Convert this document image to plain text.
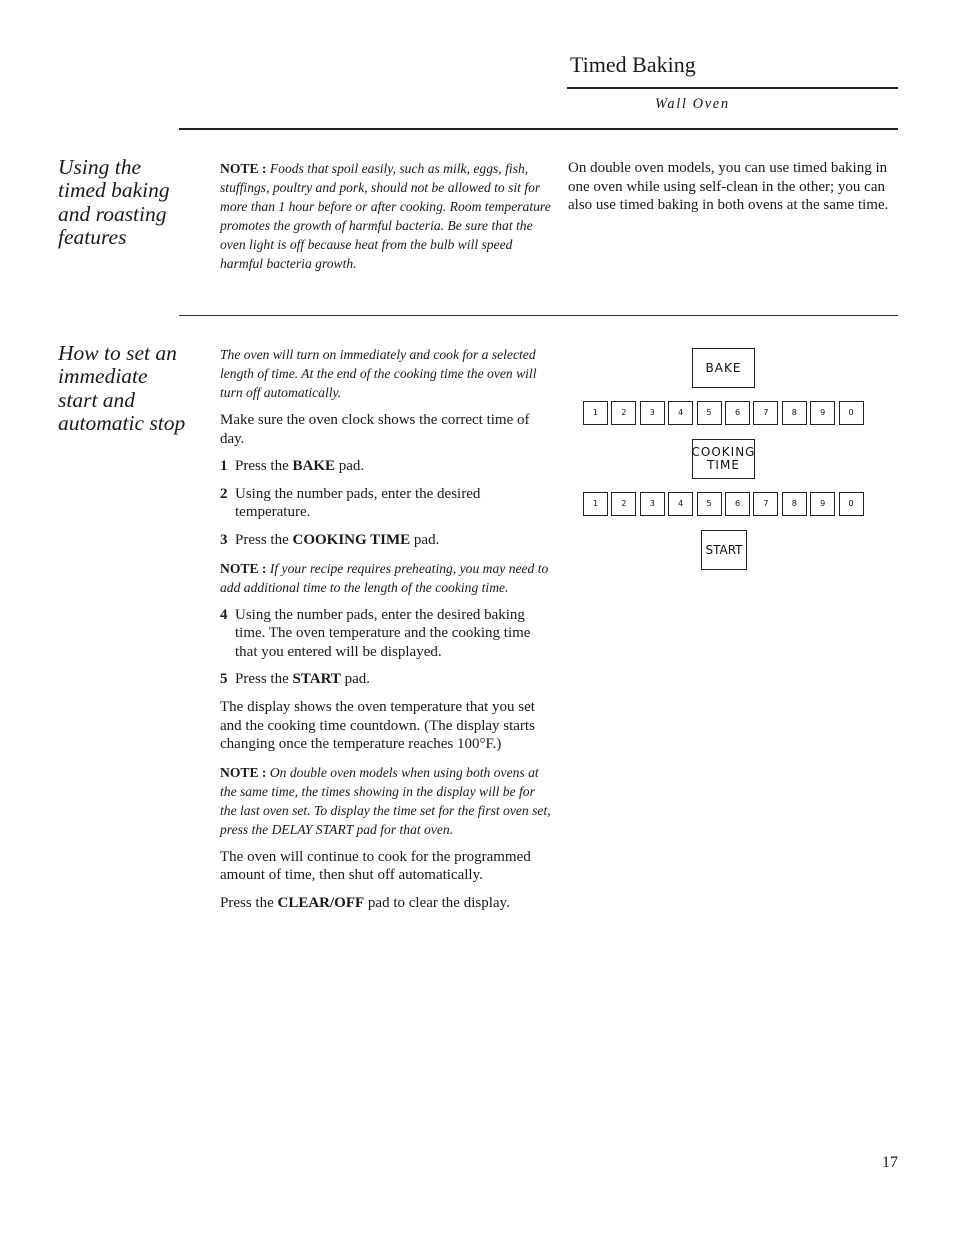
Timed Baking
Wall Oven
Using the timed baking and roasting features

NOTE : Foods that spoil easily, such as milk, eggs, fish, stuffings, poultry and pork, should not be allowed to sit for more than 1 hour before or after cooking. Room temperature promotes the growth of harmful bacteria. Be sure that the oven light is off because heat from the bulb will speed harmful bacteria growth.

On double oven models, you can use timed baking in one oven while using self-clean in the other; you can also use timed baking in both ovens at the same time.

How to set an immediate start and automatic stop

The oven will turn on immediately and cook for a selected length of time. At the end of the cooking time the oven will turn off automatically.

Make sure the oven clock shows the correct time of day.

1 Press the BAKE pad.

2 Using the number pads, enter the desired temperature.

3 Press the COOKING TIME pad.

NOTE : If your recipe requires preheating, you may need to add additional time to the length of the cooking time.

4 Using the number pads, enter the desired baking time. The oven temperature and the cooking time that you entered will be displayed.

5 Press the START pad.

The display shows the oven temperature that you set and the cooking time countdown. (The display starts changing once the temperature reaches 100°F.)

NOTE : On double oven models when using both ovens at the same time, the times showing in the display will be for the last oven set. To display the time set for the first oven set, press the DELAY START pad for that oven.

The oven will continue to cook for the programmed amount of time, then shut off automatically.

Press the CLEAR/OFF pad to clear the display.

BAKE
1	2	3	4	5	6	7	8	9	0
COOKING
TIME
1	2	3	4	5	6	7	8	9	0
START
17
